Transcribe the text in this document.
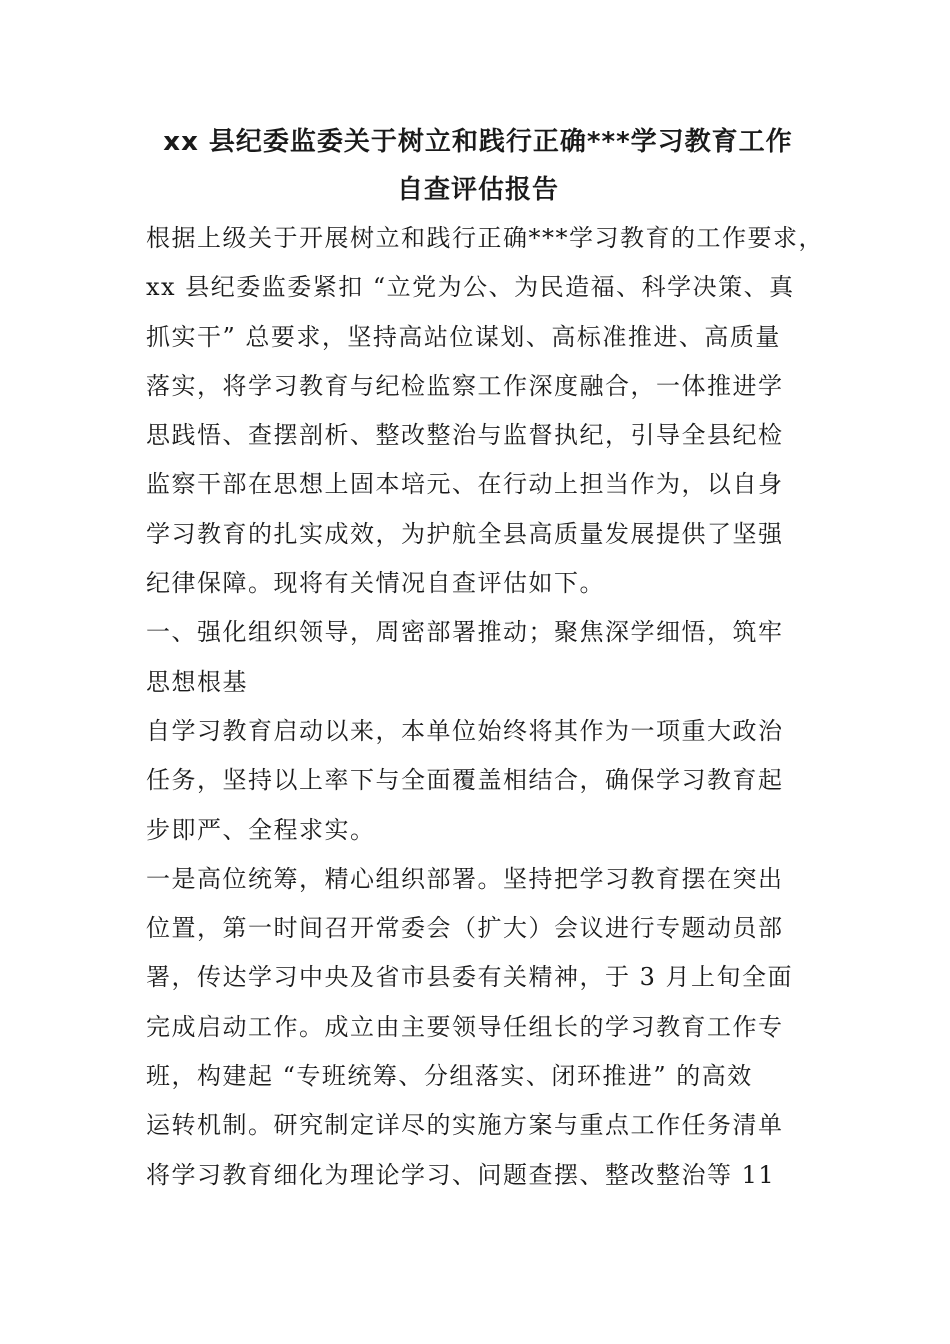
xx 县纪委监委关于树立和践行正确***学习教育工作
自查评估报告
根据上级关于开展树立和践行正确***学习教育的工作要求，
xx 县纪委监委紧扣 “立党为公、为民造福、科学决策、真
抓实干” 总要求，坚持高站位谋划、高标准推进、高质量
落实，将学习教育与纪检监察工作深度融合，一体推进学
思践悟、查摆剖析、整改整治与监督执纪，引导全县纪检
监察干部在思想上固本培元、在行动上担当作为，以自身
学习教育的扎实成效，为护航全县高质量发展提供了坚强
纪律保障。现将有关情况自查评估如下。
一、强化组织领导，周密部署推动；聚焦深学细悟，筑牢
思想根基
自学习教育启动以来，本单位始终将其作为一项重大政治
任务，坚持以上率下与全面覆盖相结合，确保学习教育起
步即严、全程求实。
一是高位统筹，精心组织部署。坚持把学习教育摆在突出
位置，第一时间召开常委会（扩大）会议进行专题动员部
署，传达学习中央及省市县委有关精神，于 3 月上旬全面
完成启动工作。成立由主要领导任组长的学习教育工作专
班，构建起 “专班统筹、分组落实、闭环推进” 的高效
运转机制。研究制定详尽的实施方案与重点工作任务清单
将学习教育细化为理论学习、问题查摆、整改整治等 11
